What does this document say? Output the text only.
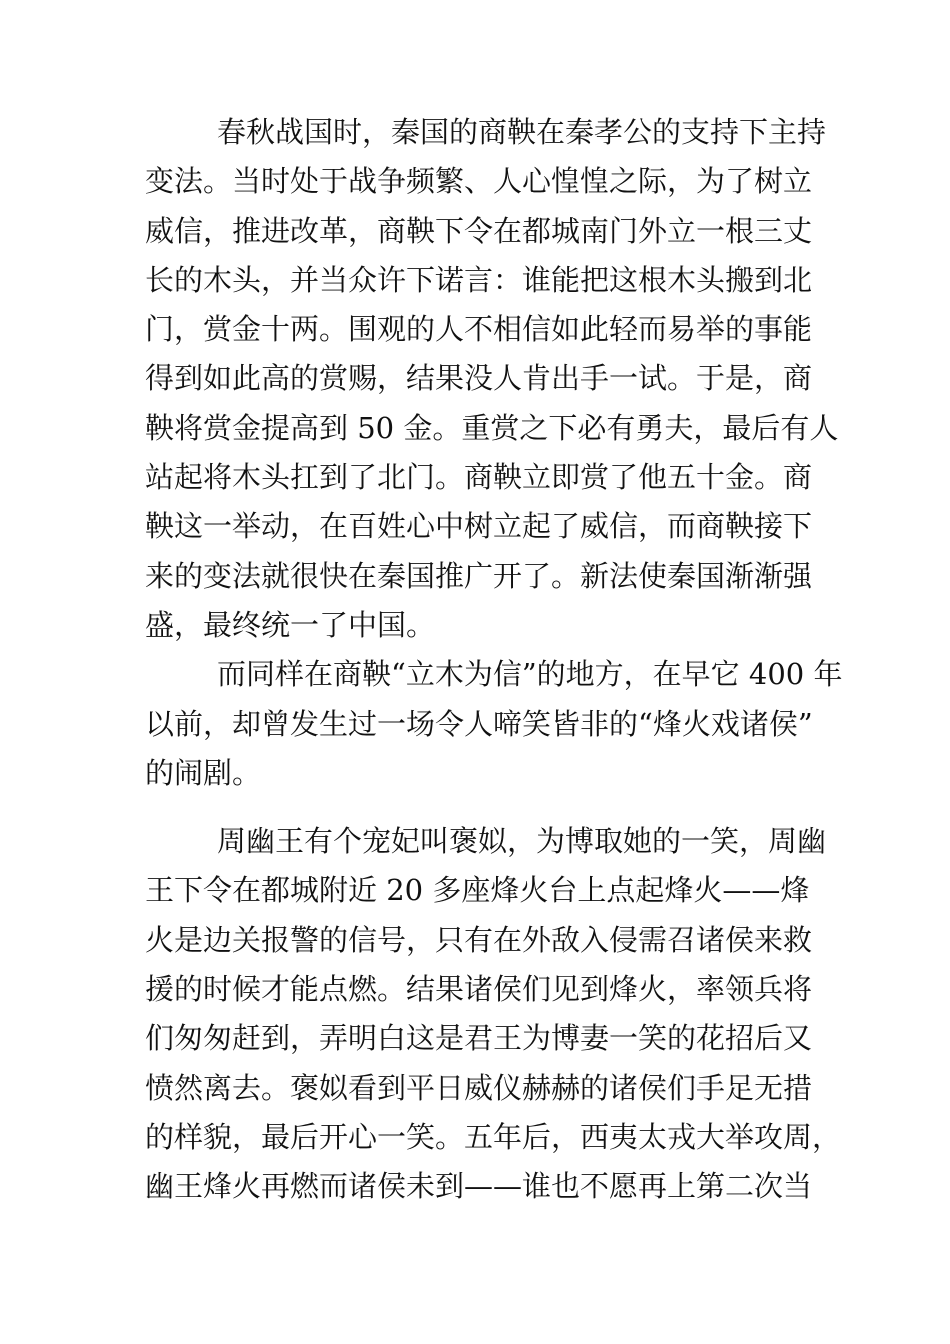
春秋战国时，秦国的商鞅在秦孝公的支持下主持
变法。当时处于战争频繁、人心惶惶之际，为了树立
威信，推进改革，商鞅下令在都城南门外立一根三丈
长的木头，并当众许下诺言：谁能把这根木头搬到北
门，赏金十两。围观的人不相信如此轻而易举的事能
得到如此高的赏赐，结果没人肯出手一试。于是，商
鞅将赏金提高到 50 金。重赏之下必有勇夫，最后有人
站起将木头扛到了北门。商鞅立即赏了他五十金。商
鞅这一举动，在百姓心中树立起了威信，而商鞅接下
来的变法就很快在秦国推广开了。新法使秦国渐渐强
盛，最终统一了中国。
而同样在商鞅“立木为信”的地方，在早它 400 年
以前，却曾发生过一场令人啼笑皆非的“烽火戏诸侯”
的闹剧。
周幽王有个宠妃叫褒姒，为博取她的一笑，周幽
王下令在都城附近 20 多座烽火台上点起烽火——烽
火是边关报警的信号，只有在外敌入侵需召诸侯来救
援的时候才能点燃。结果诸侯们见到烽火，率领兵将
们匆匆赶到，弄明白这是君王为博妻一笑的花招后又
愤然离去。褒姒看到平日威仪赫赫的诸侯们手足无措
的样貌，最后开心一笑。五年后，西夷太戎大举攻周，
幽王烽火再燃而诸侯未到——谁也不愿再上第二次当
